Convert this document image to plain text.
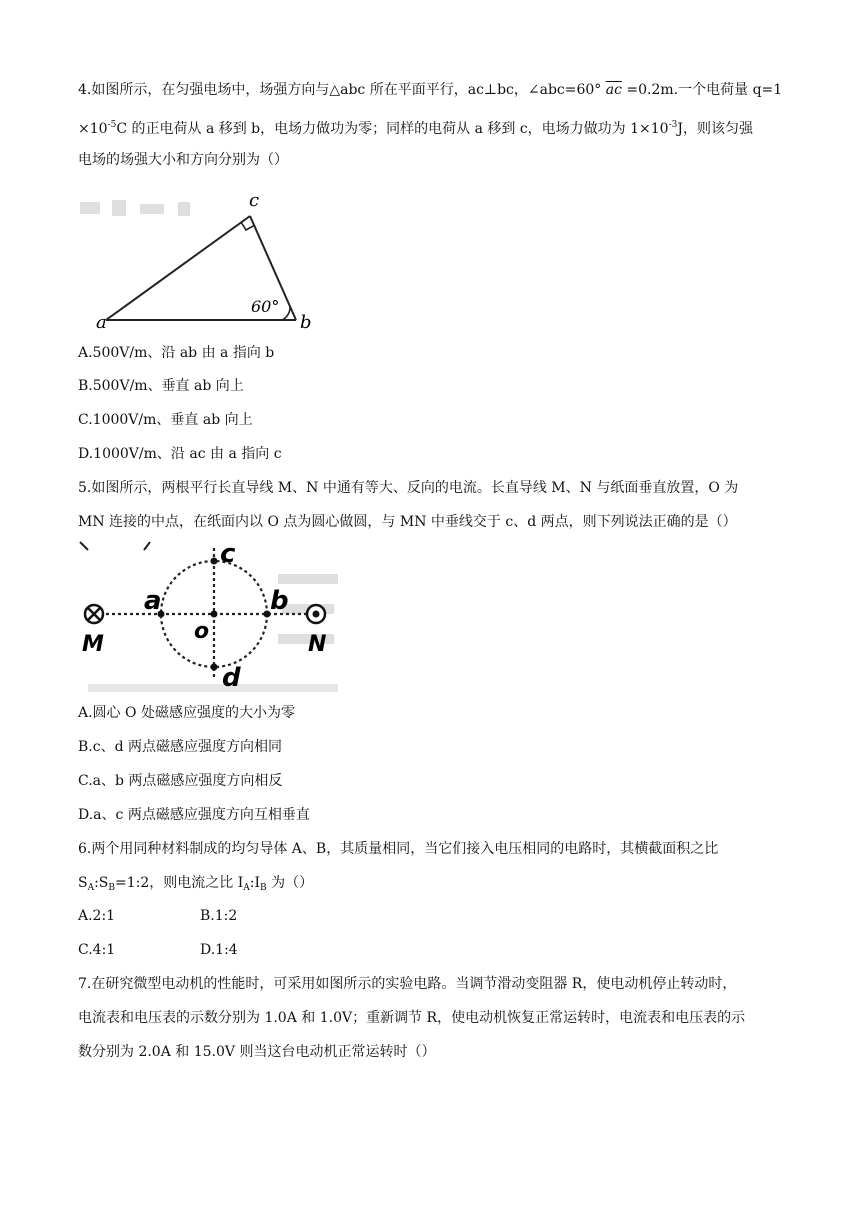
4.如图所示，在匀强电场中，场强方向与△abc 所在平面平行，ac⊥bc，∠abc=60° $\overline{ac} =0.2m$.一个电荷量 q=1
$\times 10^{-5}C$ 的正电荷从 a 移到 b，电场力做功为零；同样的电荷从 a 移到 c，电场力做功为 $1\times 10^{-3}J$，则该匀强
电场的场强大小和方向分别为（）
a	b
c
60°
A.500V/m、沿 ab 由 a 指向 b
B.500V/m、垂直 ab 向上
C.1000V/m、垂直 ab 向上
D.1000V/m、沿 ac 由 a 指向 c
5.如图所示，两根平行长直导线 M、N 中通有等大、反向的电流。长直导线 M、N 与纸面垂直放置，O 为
MN 连接的中点，在纸面内以 O 点为圆心做圆，与 MN 中垂线交于 c、d 两点，则下列说法正确的是（）
M	N
a	b
c
d
o
A.圆心 O 处磁感应强度的大小为零
B.c、d 两点磁感应强度方向相同
C.a、b 两点磁感应强度方向相反
D.a、c 两点磁感应强度方向互相垂直
6.两个用同种材料制成的均匀导体 A、B，其质量相同，当它们接入电压相同的电路时，其横截面积之比
$S_A:S_B=1:2$，则电流之比 $I_A:I_B$ 为（）
A.2:1	B.1:2
C.4:1	D.1:4
7.在研究微型电动机的性能时，可采用如图所示的实验电路。当调节滑动变阻器 R，使电动机停止转动时，
电流表和电压表的示数分别为 1.0A 和 1.0V；重新调节 R，使电动机恢复正常运转时，电流表和电压表的示
数分别为 2.0A 和 15.0V 则当这台电动机正常运转时（）
